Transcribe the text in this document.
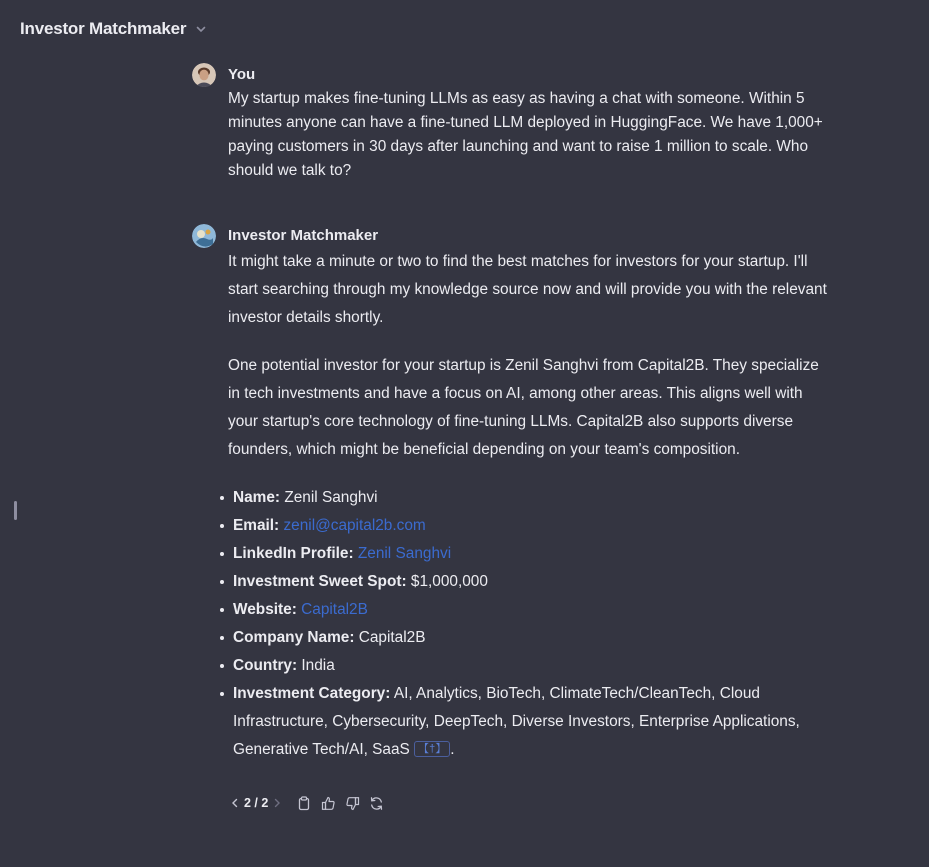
Investor Matchmaker
You

My startup makes fine-tuning LLMs as easy as having a chat with someone. Within 5 minutes anyone can have a fine-tuned LLM deployed in HuggingFace. We have 1,000+ paying customers in 30 days after launching and want to raise 1 million to scale. Who should we talk to?

Investor Matchmaker

It might take a minute or two to find the best matches for investors for your startup. I'll start searching through my knowledge source now and will provide you with the relevant investor details shortly.

One potential investor for your startup is Zenil Sanghvi from Capital2B. They specialize in tech investments and have a focus on AI, among other areas. This aligns well with your startup's core technology of fine-tuning LLMs. Capital2B also supports diverse founders, which might be beneficial depending on your team's composition.

Name: Zenil Sanghvi
Email: zenil@capital2b.com
LinkedIn Profile: Zenil Sanghvi
Investment Sweet Spot: $1,000,000
Website: Capital2B
Company Name: Capital2B
Country: India
Investment Category: AI, Analytics, BioTech, ClimateTech/CleanTech, Cloud Infrastructure, Cybersecurity, DeepTech, Diverse Investors, Enterprise Applications, Generative Tech/AI, SaaS 【†】 .
2 / 2
